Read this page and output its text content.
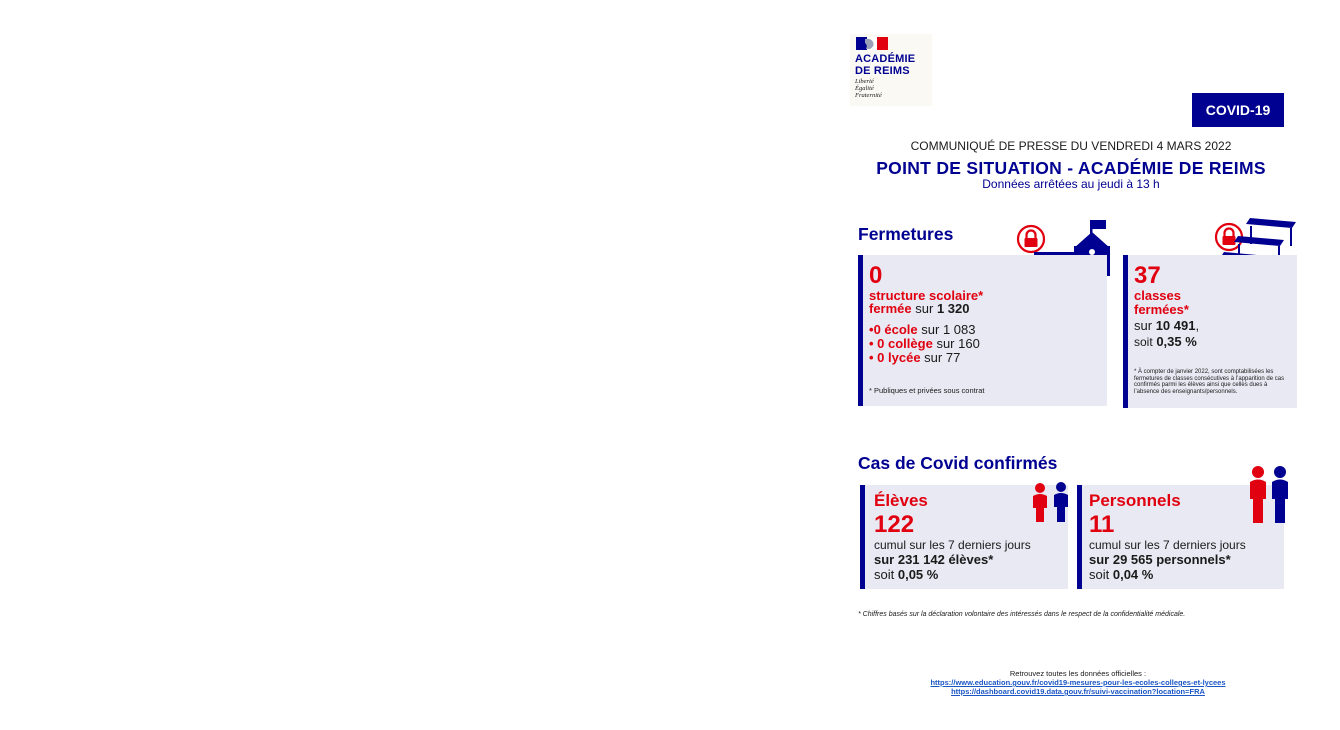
ACADÉMIE
DE REIMS
Liberté
Égalité
Fraternité
COVID-19
COMMUNIQUÉ DE PRESSE DU VENDREDI 4 MARS 2022
POINT DE SITUATION - ACADÉMIE DE REIMS
Données arrêtées au jeudi à 13 h
Fermetures
0
structure scolaire*
fermée sur 1 320
•0 école sur 1 083
• 0 collège sur 160
• 0 lycée sur 77
* Publiques et privées sous contrat
37
classes
fermées*
sur 10 491,
soit 0,35 %
* À compter de janvier 2022, sont comptabilisées les fermetures de classes consécutives à l’apparition de cas confirmés parmi les élèves ainsi que celles dues à l’absence des enseignants/personnels.
Cas de Covid confirmés
Élèves
122
cumul sur les 7 derniers jours
sur 231 142 élèves*
soit 0,05 %
Personnels
11
cumul sur les 7 derniers jours
sur 29 565 personnels*
soit 0,04 %
* Chiffres basés sur la déclaration volontaire des intéressés dans le respect de la confidentialité médicale.
Retrouvez toutes les données officielles :
https://www.education.gouv.fr/covid19-mesures-pour-les-ecoles-colleges-et-lycees
https://dashboard.covid19.data.gouv.fr/suivi-vaccination?location=FRA
